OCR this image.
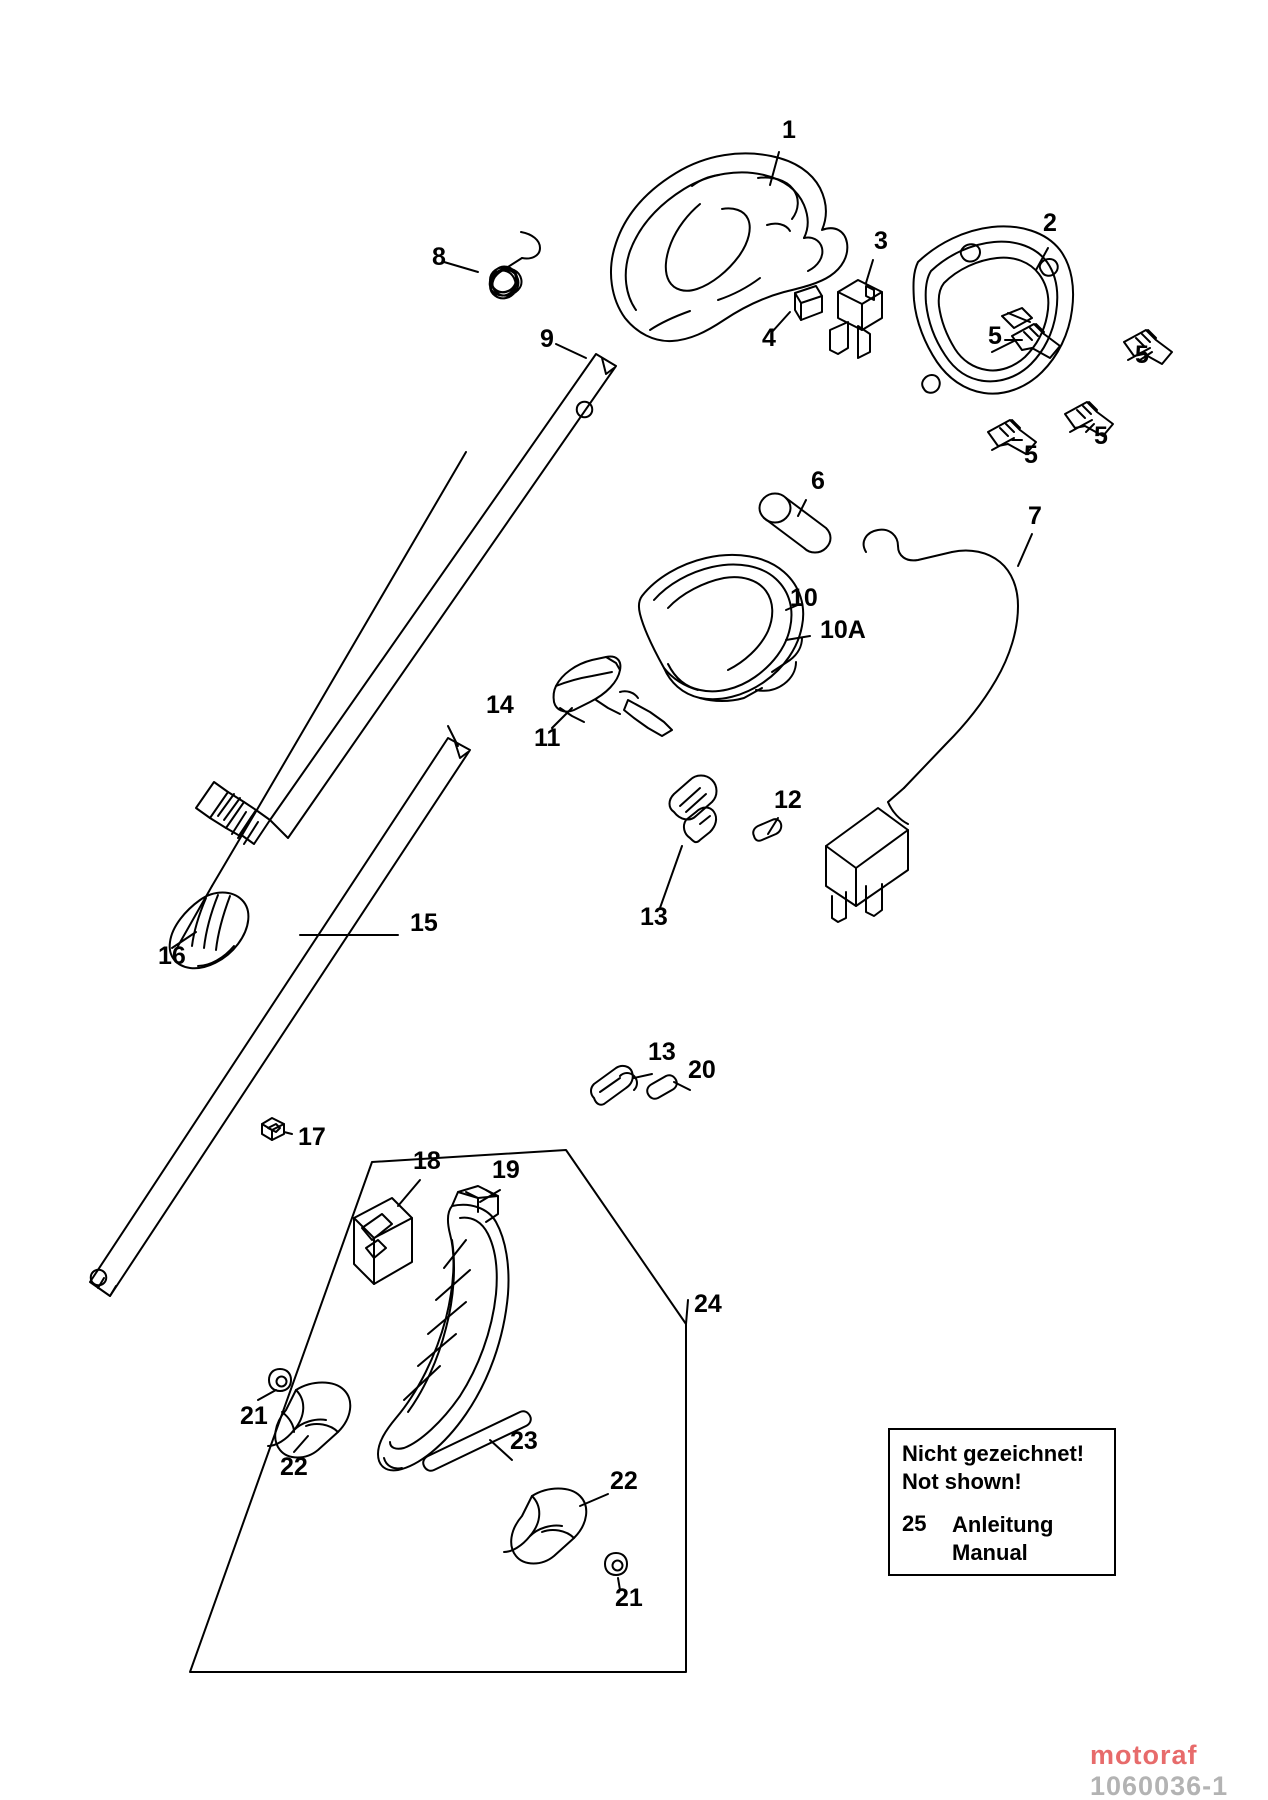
1
2
3
4	5
5
5
5
6
7
8
9
10
10A
11
12
13
14
15
16
17
13
20
18 19
24
21
22
23
22
21
Nicht gezeichnet!
Not shown!
25	Anleitung
Manual
motoraf 1060036-1
